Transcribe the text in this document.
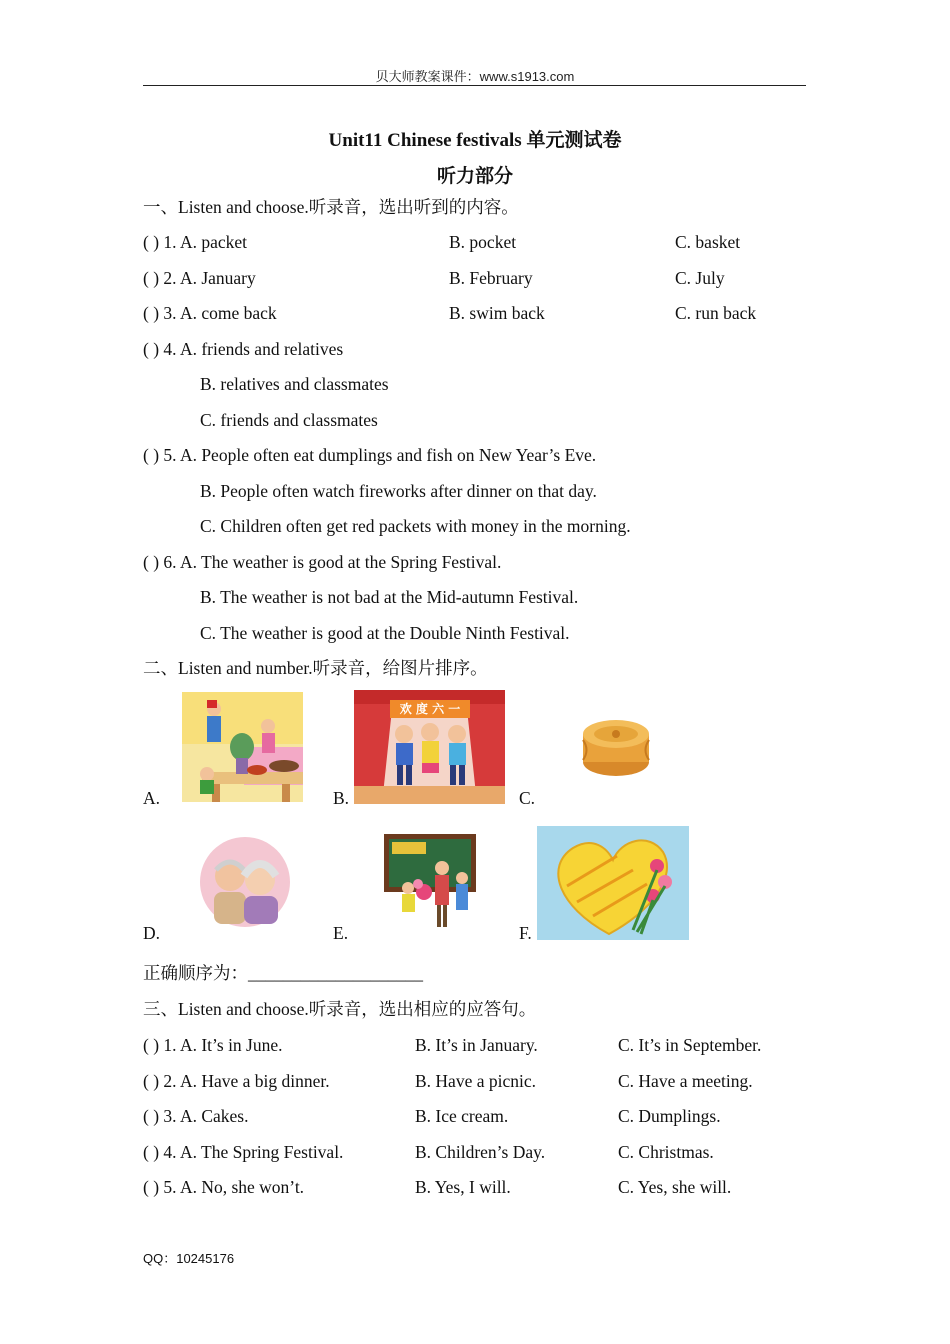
贝大师教案课件：www.s1913.com
Unit11 Chinese festivals 单元测试卷
听力部分
一、Listen and choose.听录音，选出听到的内容。
( ) 1. A. packet	B. pocket	C. basket
( ) 2. A. January	B. February	C. July
( ) 3. A. come back	B. swim back	C. run back
( ) 4. A. friends and relatives
B. relatives and classmates
C. friends and classmates
( ) 5. A. People often eat dumplings and fish on New Year’s Eve.
B. People often watch fireworks after dinner on that day.
C. Children often get red packets with money in the morning.
( ) 6. A. The weather is good at the Spring Festival.
B. The weather is not bad at the Mid-autumn Festival.
C. The weather is good at the Double Ninth Festival.
二、Listen and number.听录音，给图片排序。
A.	B.
欢 度 六 一
C.
D.	E.	F.
正确顺序为：____________________
三、Listen and choose.听录音，选出相应的应答句。
( ) 1. A. It’s in June.	B. It’s in January.	C. It’s in September.
( ) 2. A. Have a big dinner.	B. Have a picnic.	C. Have a meeting.
( ) 3. A. Cakes.	B. Ice cream.	C. Dumplings.
( ) 4. A. The Spring Festival.	B. Children’s Day.	C. Christmas.
( ) 5. A. No, she won’t.	B. Yes, I will.	C. Yes, she will.
QQ：10245176
